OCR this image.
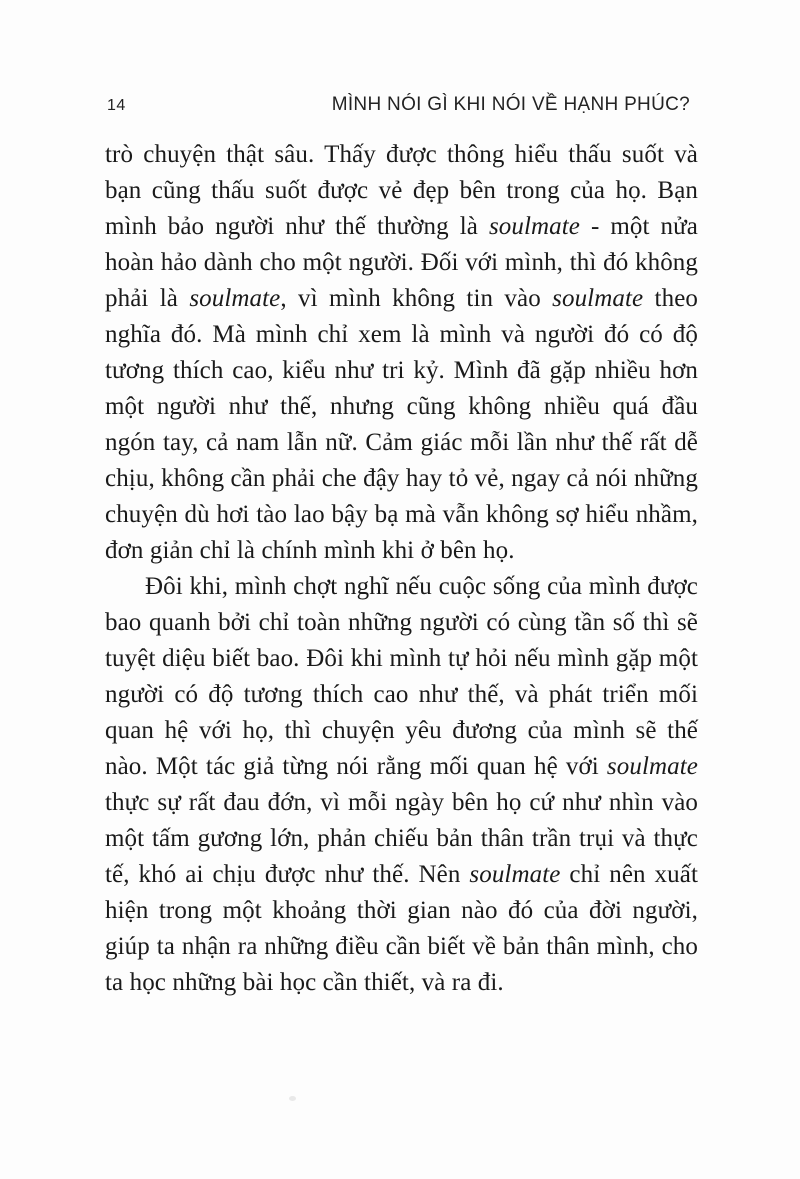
14	MÌNH NÓI GÌ KHI NÓI VỀ HẠNH PHÚC?

trò chuyện thật sâu. Thấy được thông hiểu thấu suốt và bạn cũng thấu suốt được vẻ đẹp bên trong của họ. Bạn mình bảo người như thế thường là soulmate - một nửa hoàn hảo dành cho một người. Đối với mình, thì đó không phải là soulmate, vì mình không tin vào soulmate theo nghĩa đó. Mà mình chỉ xem là mình và người đó có độ tương thích cao, kiểu như tri kỷ. Mình đã gặp nhiều hơn một người như thế, nhưng cũng không nhiều quá đầu ngón tay, cả nam lẫn nữ. Cảm giác mỗi lần như thế rất dễ chịu, không cần phải che đậy hay tỏ vẻ, ngay cả nói những chuyện dù hơi tào lao bậy bạ mà vẫn không sợ hiểu nhầm, đơn giản chỉ là chính mình khi ở bên họ.

Đôi khi, mình chợt nghĩ nếu cuộc sống của mình được bao quanh bởi chỉ toàn những người có cùng tần số thì sẽ tuyệt diệu biết bao. Đôi khi mình tự hỏi nếu mình gặp một người có độ tương thích cao như thế, và phát triển mối quan hệ với họ, thì chuyện yêu đương của mình sẽ thế nào. Một tác giả từng nói rằng mối quan hệ với soulmate thực sự rất đau đớn, vì mỗi ngày bên họ cứ như nhìn vào một tấm gương lớn, phản chiếu bản thân trần trụi và thực tế, khó ai chịu được như thế. Nên soulmate chỉ nên xuất hiện trong một khoảng thời gian nào đó của đời người, giúp ta nhận ra những điều cần biết về bản thân mình, cho ta học những bài học cần thiết, và ra đi.
